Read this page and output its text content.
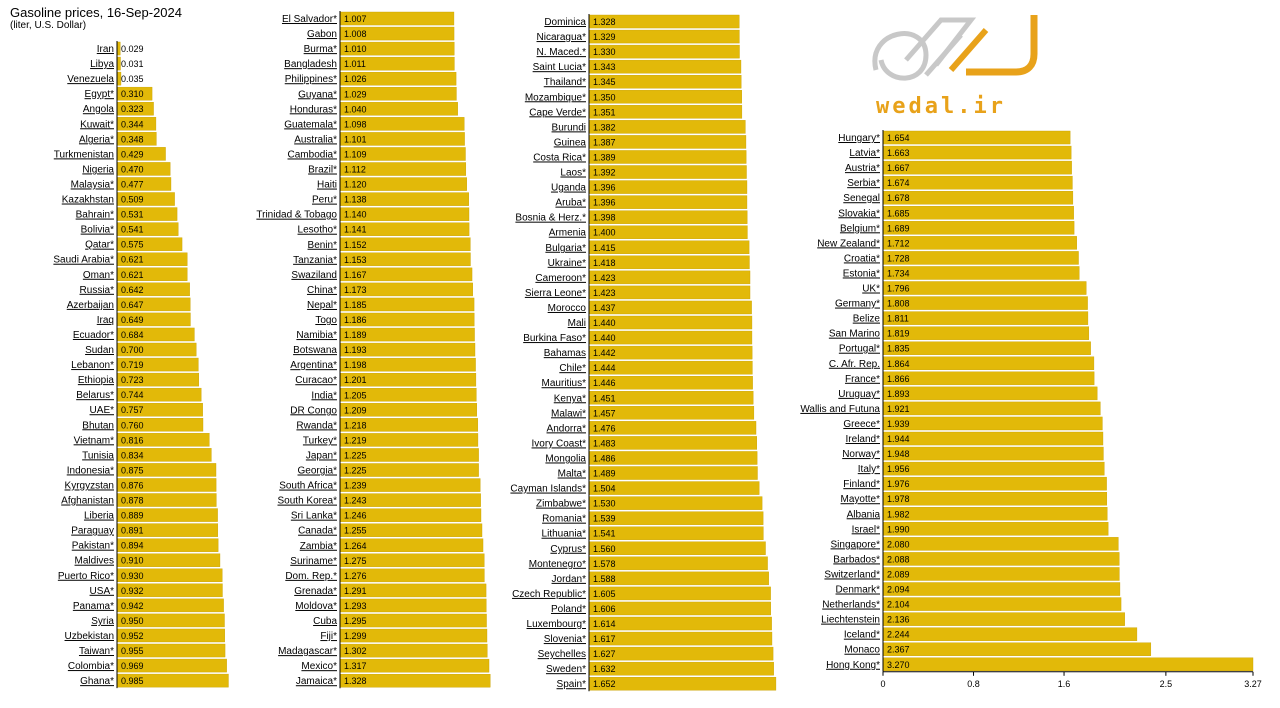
Gasoline prices, 16-Sep-2024
(liter, U.S. Dollar)
wedal.ir
Iran 0.029
Libya 0.031
Venezuela 0.035
Egypt* 0.310
Angola 0.323
Kuwait* 0.344
Algeria* 0.348
Turkmenistan 0.429
Nigeria 0.470
Malaysia* 0.477
Kazakhstan 0.509
Bahrain* 0.531
Bolivia* 0.541
Qatar* 0.575
Saudi Arabia* 0.621
Oman* 0.621
Russia* 0.642
Azerbaijan 0.647
Iraq 0.649
Ecuador* 0.684
Sudan 0.700
Lebanon* 0.719
Ethiopia 0.723
Belarus* 0.744
UAE* 0.757
Bhutan 0.760
Vietnam* 0.816
Tunisia 0.834
Indonesia* 0.875
Kyrgyzstan 0.876
Afghanistan 0.878
Liberia 0.889
Paraguay 0.891
Pakistan* 0.894
Maldives 0.910
Puerto Rico* 0.930
USA* 0.932
Panama* 0.942
Syria 0.950
Uzbekistan 0.952
Taiwan* 0.955
Colombia* 0.969
Ghana* 0.985
El Salvador* 1.007
Gabon 1.008
Burma* 1.010
Bangladesh 1.011
Philippines* 1.026
Guyana* 1.029
Honduras* 1.040
Guatemala* 1.098
Australia* 1.101
Cambodia* 1.109
Brazil* 1.112
Haiti 1.120
Peru* 1.138
Trinidad & Tobago 1.140
Lesotho* 1.141
Benin* 1.152
Tanzania* 1.153
Swaziland 1.167
China* 1.173
Nepal* 1.185
Togo 1.186
Namibia* 1.189
Botswana 1.193
Argentina* 1.198
Curacao* 1.201
India* 1.205
DR Congo 1.209
Rwanda* 1.218
Turkey* 1.219
Japan* 1.225
Georgia* 1.225
South Africa* 1.239
South Korea* 1.243
Sri Lanka* 1.246
Canada* 1.255
Zambia* 1.264
Suriname* 1.275
Dom. Rep.* 1.276
Grenada* 1.291
Moldova* 1.293
Cuba 1.295
Fiji* 1.299
Madagascar* 1.302
Mexico* 1.317
Jamaica* 1.328
Dominica 1.328
Nicaragua* 1.329
N. Maced.* 1.330
Saint Lucia* 1.343
Thailand* 1.345
Mozambique* 1.350
Cape Verde* 1.351
Burundi 1.382
Guinea 1.387
Costa Rica* 1.389
Laos* 1.392
Uganda 1.396
Aruba* 1.396
Bosnia & Herz.* 1.398
Armenia 1.400
Bulgaria* 1.415
Ukraine* 1.418
Cameroon* 1.423
Sierra Leone* 1.423
Morocco 1.437
Mali 1.440
Burkina Faso* 1.440
Bahamas 1.442
Chile* 1.444
Mauritius* 1.446
Kenya* 1.451
Malawi* 1.457
Andorra* 1.476
Ivory Coast* 1.483
Mongolia 1.486
Malta* 1.489
Cayman Islands* 1.504
Zimbabwe* 1.530
Romania* 1.539
Lithuania* 1.541
Cyprus* 1.560
Montenegro* 1.578
Jordan* 1.588
Czech Republic* 1.605
Poland* 1.606
Luxembourg* 1.614
Slovenia* 1.617
Seychelles 1.627
Sweden* 1.632
Spain* 1.652
Hungary* 1.654
Latvia* 1.663
Austria* 1.667
Serbia* 1.674
Senegal 1.678
Slovakia* 1.685
Belgium* 1.689
New Zealand* 1.712
Croatia* 1.728
Estonia* 1.734
UK* 1.796
Germany* 1.808
Belize 1.811
San Marino 1.819
Portugal* 1.835
C. Afr. Rep. 1.864
France* 1.866
Uruguay* 1.893
Wallis and Futuna 1.921
Greece* 1.939
Ireland* 1.944
Norway* 1.948
Italy* 1.956
Finland* 1.976
Mayotte* 1.978
Albania 1.982
Israel* 1.990
Singapore* 2.080
Barbados* 2.088
Switzerland* 2.089
Denmark* 2.094
Netherlands* 2.104
Liechtenstein 2.136
Iceland* 2.244
Monaco 2.367
Hong Kong* 3.270
0	0.8	1.6	2.5	3.27
